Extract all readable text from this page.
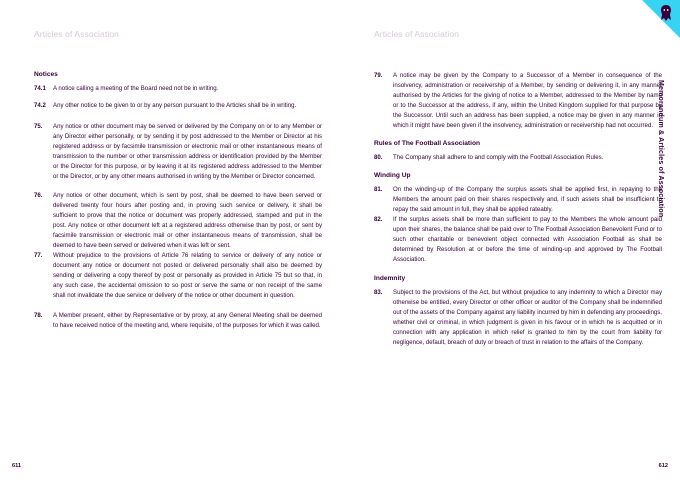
Articles of Association
Notices
74.1	A notice calling a meeting of the Board need not be in writing.
74.2	Any other notice to be given to or by any person pursuant to the Articles shall be in writing.
75.	Any notice or other document may be served or delivered by the Company on or to any Member or any Director either personally, or by sending it by post addressed to the Member or Director at his registered address or by facsimile transmission or electronic mail or other instantaneous means of transmission to the number or other transmission address or identification provided by the Member or the Director for this purpose, or by leaving it at its registered address addressed to the Member or the Director, or by any other means authorised in writing by the Member or Director concerned.
76.	Any notice or other document, which is sent by post, shall be deemed to have been served or delivered twenty four hours after posting and, in proving such service or delivery, it shall be sufficient to prove that the notice or document was properly addressed, stamped and put in the post. Any notice or other document left at a registered address otherwise than by post, or sent by facsimile transmission or electronic mail or other instantaneous means of transmission, shall be deemed to have been served or delivered when it was left or sent.
77.	Without prejudice to the provisions of Article 76 relating to service or delivery of any notice or document any notice or document not posted or delivered personally shall also be deemed by sending or delivering a copy thereof by post or personally as provided in Article 75 but so that, in any such case, the accidental omission to so post or serve the same or non receipt of the same shall not invalidate the due service or delivery of the notice or other document in question.
78.	A Member present, either by Representative or by proxy, at any General Meeting shall be deemed to have received notice of the meeting and, where requisite, of the purposes for which it was called.
611
Articles of Association
79.	A notice may be given by the Company to a Successor of a Member in consequence of the insolvency, administration or receivership of a Member, by sending or delivering it, in any manner authorised by the Articles for the giving of notice to a Member, addressed to the Member by name or to the Successor at the address, if any, within the United Kingdom supplied for that purpose by the Successor. Until such an address has been supplied, a notice may be given in any manner in which it might have been given if the insolvency, administration or receivership had not occurred.
Rules of The Football Association
80.	The Company shall adhere to and comply with the Football Association Rules.
Winding Up
81.	On the winding-up of the Company the surplus assets shall be applied first, in repaying to the Members the amount paid on their shares respectively and, if such assets shall be insufficient to repay the said amount in full, they shall be applied rateably.
82.	If the surplus assets shall be more than sufficient to pay to the Members the whole amount paid upon their shares, the balance shall be paid over to The Football Association Benevolent Fund or to such other charitable or benevolent object connected with Association Football as shall be determined by Resolution at or before the time of winding-up and approved by The Football Association.
Indemnity
83.	Subject to the provisions of the Act, but without prejudice to any indemnity to which a Director may otherwise be entitled, every Director or other officer or auditor of the Company shall be indemnified out of the assets of the Company against any liability incurred by him in defending any proceedings, whether civil or criminal, in which judgment is given in his favour or in which he is acquitted or in connection with any application in which relief is granted to him by the court from liability for negligence, default, breach of duty or breach of trust in relation to the affairs of the Company.
Memorandum & Articles of Association
612
